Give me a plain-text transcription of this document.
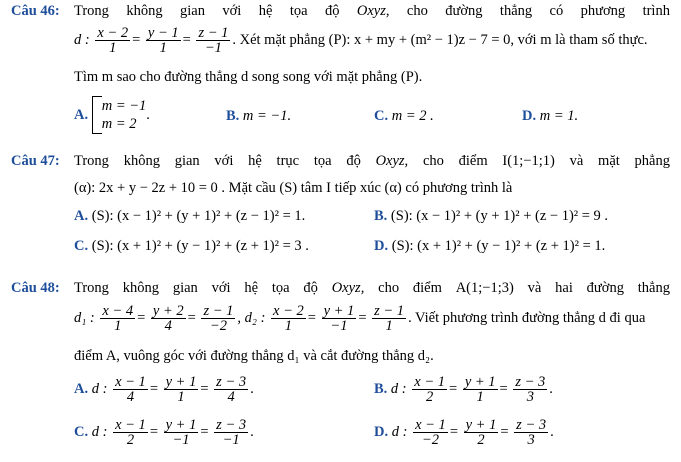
Câu 46: Trong không gian với hệ tọa độ Oxyz, cho đường thẳng có phương trình
d : $\frac{x - 2}{1} = \frac{y - 1}{1} = \frac{z - 1}{-1}$ . Xét mặt phẳng (P): x + my + (m² − 1)z − 7 = 0, với m là tham số thực.
Tìm m sao cho đường thẳng d song song với mặt phẳng (P).
A.
m = −1
m = 2
.	B. m = −1.	C. m = 2 .	D. m = 1.
Câu 47: Trong không gian với hệ trục tọa độ Oxyz, cho điểm I(1;−1;1) và mặt phẳng
(α): 2x + y − 2z + 10 = 0 . Mặt cầu (S) tâm I tiếp xúc (α) có phương trình là
A. (S): (x − 1)² + (y + 1)² + (z − 1)² = 1.	B. (S): (x − 1)² + (y + 1)² + (z − 1)² = 9 .
C. (S): (x + 1)² + (y − 1)² + (z + 1)² = 3 .	D. (S): (x + 1)² + (y − 1)² + (z + 1)² = 1.
Câu 48: Trong không gian với hệ tọa độ Oxyz, cho điểm A(1;−1;3) và hai đường thẳng
d₁ : $\frac{x - 4}{1} = \frac{y + 2}{4} = \frac{z - 1}{-2}$ , d₂ : $\frac{x - 2}{1} = \frac{y + 1}{-1} = \frac{z - 1}{1}$ . Viết phương trình đường thẳng d đi qua
điểm A, vuông góc với đường thẳng d₁ và cắt đường thẳng d₂.
A. d : $\frac{x - 1}{4} = \frac{y + 1}{1} = \frac{z - 3}{4}$ .	B. d : $\frac{x - 1}{2} = \frac{y + 1}{1} = \frac{z - 3}{3}$ .
C. d : $\frac{x - 1}{2} = \frac{y + 1}{-1} = \frac{z - 3}{-1}$ .	D. d : $\frac{x - 1}{-2} = \frac{y + 1}{2} = \frac{z - 3}{3}$ .
